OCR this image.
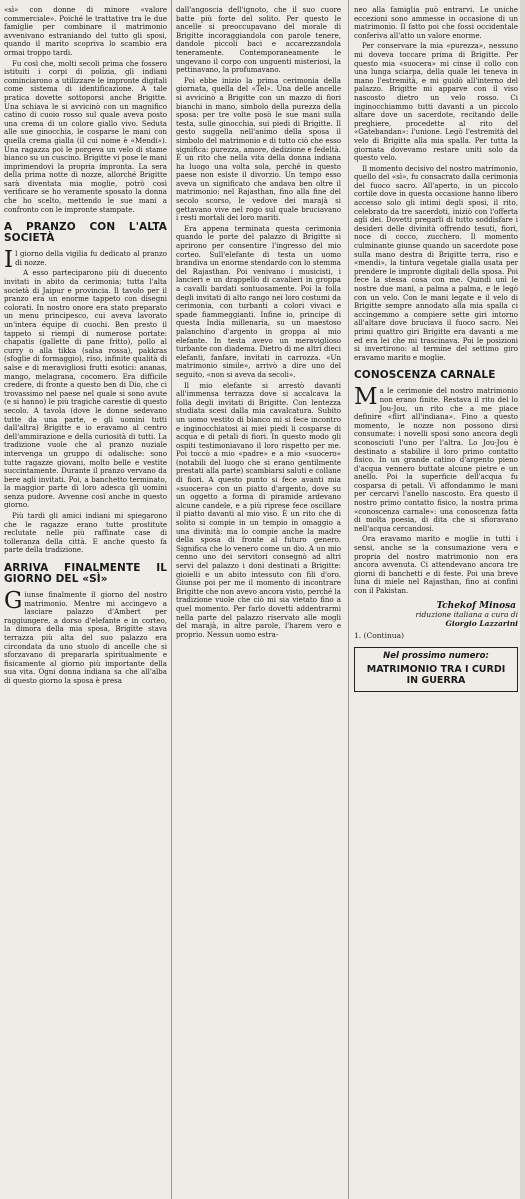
«sì» con donne di minore «valore commerciale». Poiché le trattative tra le due famiglie per combinare il matrimonio avvenivano estraniando del tutto gli sposi, quando il marito scopriva lo scambio era ormai troppo tardi.

Fu così che, molti secoli prima che fossero istituiti i corpi di polizia, gli indiani cominciarono a utilizzare le impronte digitali come sistema di identificazione. A tale pratica dovette sottoporsi anche Brigitte. Una schiava le si avvicinò con un magnifico catino di cuoio rosso sul quale aveva posto una crema di un colore giallo vivo. Seduta alle sue ginocchia, le cosparse le mani con quella crema gialla (il cui nome è «Mendi»). Una ragazza poi le porgeva un velo di stame bianco su un cuscino. Brigitte vi pose le mani imprimendovi la propria impronta. La sera della prima notte di nozze, allorché Brigitte sarà diventata mia moglie, potrò così verificare se ho veramente sposato la donna che ho scelto, mettendo le sue mani a confronto con le impronte stampate.

A PRANZO CON L'ALTA SOCIETÀ

Il giorno della vigilia fu dedicato al pranzo di nozze.

A esso parteciparono più di duecento invitati in abito da cerimonia; tutta l'alta società di Jaipur e provincia. Il tavolo per il pranzo era un enorme tappeto con disegni colorati. In nostro onore era stato preparato un menu principesco, cui aveva lavorato un'intera équipe di cuochi. Ben presto il tappeto si riempì di numerose portate: chapatis (gallette di pane fritto), pollo al curry o alla tikka (salsa rossa), pakkras (sfoglie di formaggio), riso, infinite qualità di salse e di meravigliosi frutti esotici: ananas, mango, melagrana, cocomero. Era difficile credere, di fronte a questo ben di Dio, che ci trovassimo nel paese nel quale si sono avute (e si hanno) le più tragiche carestie di questo secolo. A tavola (dove le donne sedevano tutte da una parte, e gli uomini tutti dall'altra) Brigitte e io eravamo al centro dell'ammirazione e della curiosità di tutti. La tradizione vuole che al pranzo nuziale intervenga un gruppo di odalische: sono tutte ragazze giovani, molto belle e vestite succintamente. Durante il pranzo vervano da bere agli invitati. Poi, a banchetto terminato, la maggior parte di loro adesca gli uomini senza pudore. Avvenne così anche in questo giorno.

Più tardi gli amici indiani mi spiegarono che le ragazze erano tutte prostitute reclutate nelle più raffinate case di tolleranza della città. E anche questo fa parte della tradizione.

ARRIVA FINALMENTE IL GIORNO DEL «SÌ»

Giunse finalmente il giorno del nostro matrimonio. Mentre mi accingevo a lasciare palazzo d'Ambert per raggiungere, a dorso d'elefante e in corteo, la dimora della mia sposa, Brigitte stava terrazza più alta del suo palazzo era circondata da uno stuolo di ancelle che si sforzavano di prepararla spiritualmente e fisicamente al giorno più importante della sua vita. Ogni donna indiana sa che all'alba di questo giorno la sposa è presa

dall'angoscia dell'ignoto, che il suo cuore batte più forte del solito. Per questo le ancelle si preoccupavano del morale di Brigitte incoraggiandola con parole tenere, dandole piccoli baci e accarezzandola teneramente. Contemporaneamente le ungevano il corpo con unguenti misteriosi, la pettinavano, la profumavano.

Poi ebbe inizio la prima cerimonia della giornata, quella del «Tel». Una delle ancelle si avvicinò a Brigitte con un mazzo di fiori bianchi in mano, simbolo della purezza della sposa: per tre volte posò le sue mani sulla testa, sulle ginocchia, sui piedi di Brigitte. Il gesto suggella nell'animo della sposa il simbolo del matrimonio e di tutto ciò che esso significa: purezza, amore, dedizione e fedeltà. È un rito che nella vita della donna indiana ha luogo una volta sola, perché in questo paese non esiste il divorzio. Un tempo esso aveva un significato che andava ben oltre il matrimonio: nel Rajasthan, fino alla fine del secolo scorso, le vedove dei marajà si gettavano vive nel rogo sul quale bruciavano i resti mortali dei loro mariti.

Era appena terminata questa cerimonia quando le porte del palazzo di Brigitte si aprirono per consentire l'ingresso del mio corteo. Sull'elefante di testa un uomo brandiva un enorme stendardo con lo stemma del Rajasthan. Poi venivano i musicisti, i lancieri e un drappello di cavalieri in groppa a cavalli bardati sontuosamente. Poi la folla degli invitati di alto rango nei loro costumi da cerimonia, con turbanti a colori vivaci e spade fiammeggianti. Infine io, principe di questa India millenaria, su un maestoso palanchino d'argento in groppa al mio elefante. In testa avevo un meraviglioso turbante con diadema. Dietro di me altri dieci elefanti, fanfare, invitati in carrozza. «Un matrimonio simile», arrivò a dire uno del seguito, «non si aveva da secoli».

Il mio elefante si arrestò davanti all'immensa terrazza dove si accalcava la folla degli invitati di Brigitte. Con lentezza studiata scesi dalla mia cavalcatura. Subito un uomo vestito di bianco mi si fece incontro e inginocchiatosi ai miei piedi li cosparse di acqua e di petali di fiori. In questo modo gli ospiti testimoniavano il loro rispetto per me. Poi toccò a mio «padre» e a mio «suocero» (notabili del luogo che si erano gentilmente prestati alla parte) scambiarsi saluti e collane di fiori. A questo punto si fece avanti mia «suocera» con un piatto d'argento, dove su un oggetto a forma di piramide ardevano alcune candele, e a più riprese fece oscillare il piatto davanti al mio viso. È un rito che di solito si compie in un tempio in omaggio a una divinità: ma lo compie anche la madre della sposa di fronte al futuro genero. Significa che lo venero come un dio. A un mio cenno uno dei servitori consegnò ad altri servi del palazzo i doni destinati a Brigitte: gioielli e un abito intessuto con fili d'oro. Giunse poi per me il momento di incontrare Brigitte che non avevo ancora visto, perché la tradizione vuole che ciò mi sia vietato fino a quel momento. Per farlo dovetti addentrarmi nella parte del palazzo riservato alle mogli del marajà, in altre parole, l'harem vero e proprio. Nessun uomo estra-

neo alla famiglia può entrarvi. Le uniche eccezioni sono ammesse in occasione di un matrimonio. Il fatto poi che fossi occidentale conferiva all'atto un valore enorme.

Per conservare la mia «purezza», nessuno mi doveva toccare prima di Brigitte. Per questo mia «suocera» mi cinse il collo con una lunga sciarpa, della quale lei teneva in mano l'estremità, e mi guidò all'interno del palazzo. Brigitte mi apparve con il viso nascosto dietro un velo rosso. Ci inginocchiammo tutti davanti a un piccolo altare dove un sacerdote, recitando delle preghiere, procedette al rito del «Gatebandan»: l'unione. Legò l'estremità del velo di Brigitte alla mia spalla. Per tutta la giornata dovevamo restare uniti solo da questo velo.

Il momento decisivo del nostro matrimonio, quello del «sì», fu consacrato dalla cerimonia del fuoco sacro. All'aperto, in un piccolo cortile dove in questa occasione hanno libero accesso solo gli intimi degli sposi, il rito, celebrato da tre sacerdoti, iniziò con l'offerta agli dei. Dovetti pregarli di tutto soddisfare i desideri delle divinità offrendo tesuti, fiori, noce di cocco, zucchero. Il momento culminante giunse quando un sacerdote pose sulla mano destra di Brigitte terra, riso e «mendi», la tintura vegetale gialla usata per prendere le impronte digitali della sposa. Poi fece la stessa cosa con me. Quindi unì le nostre due mani, a palma a palma, e le legò con un velo. Con le mani legate e il velo di Brigitte sempre annodato alla mia spalla ci accingemmo a compiere sette giri intorno all'altare dove bruciava il fuoco sacro. Nei primi quattro giri Brigitte era davanti a me ed era lei che mi trascinava. Poi le posizioni si invertirono: al termine del settimo giro eravamo marito e moglie.

CONOSCENZA CARNALE

Ma le cerimonie del nostro matrimonio non erano finite. Restava il rito del lo Jou-Jou, un rito che a me piace definire «flirt all'indiana». Fino a questo momento, le nozze non possono dirsi consumate: i novelli sposi sono ancora degli sconosciuti l'uno per l'altra. Lo Jou-Jou è destinato a stabilire il loro primo contatto fisico. In un grande catino d'argento pieno d'acqua vennero buttate alcune pietre e un anello. Poi la superficie dell'acqua fu cosparsa di petali. Vi affondammo le mani per cercarvi l'anello nascosto. Era questo il nostro primo contatto fisico, la nostra prima «conoscenza carnale»: una conoscenza fatta di molta poesia, di dita che si sfioravano nell'acqua cercandosi.

Ora eravamo marito e moglie in tutti i sensi, anche se la consumazione vera e propria del nostro matrimonio non era ancora avvenuta. Ci attendevano ancora tre giorni di banchetti e di feste. Poi una breve luna di miele nel Rajasthan, fino ai confini con il Pakistan.

Tchekof Minosa
riduzione italiana a cura di
Giorgio Lazzarini
1. (Continua)
Nel prossimo numero:
MATRIMONIO TRA I CURDI IN GUERRA
